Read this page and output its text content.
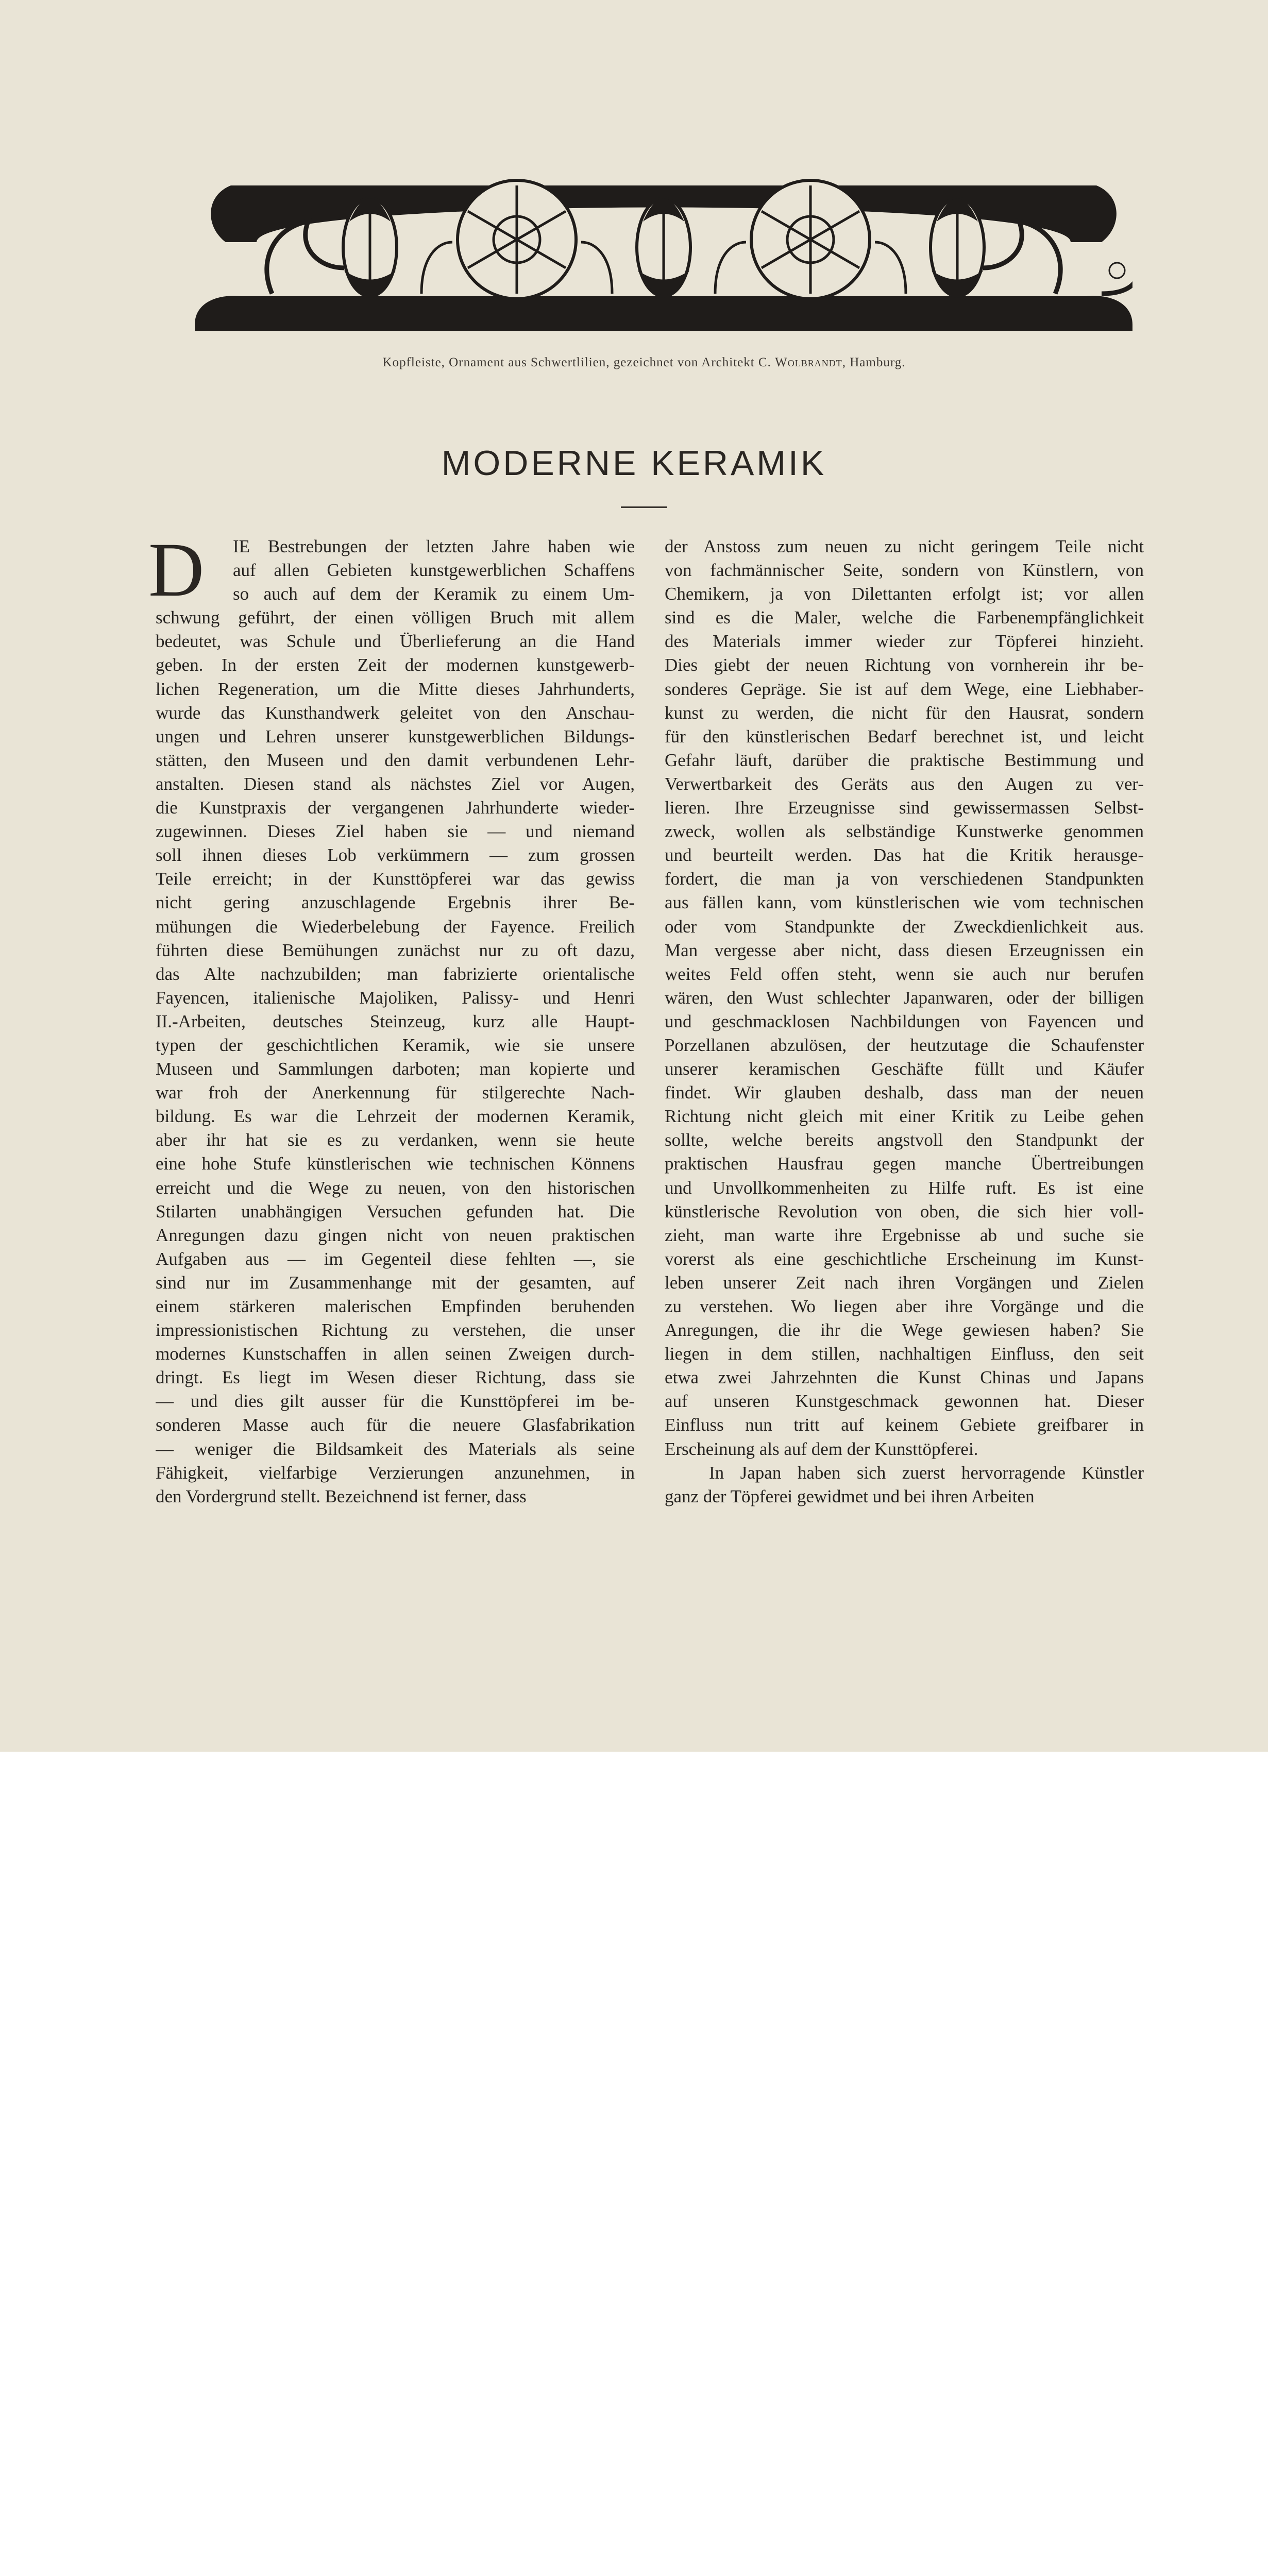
Kopfleiste, Ornament aus Schwertlilien, gezeichnet von Architekt C. Wolbrandt, Hamburg.
MODERNE KERAMIK
D	IE Bestrebungen der letzten Jahre haben wie
auf allen Gebieten kunstgewerblichen Schaffens
so auch auf dem der Keramik zu einem Um-
schwung geführt, der einen völligen Bruch mit allem
bedeutet, was Schule und Überlieferung an die Hand
geben. In der ersten Zeit der modernen kunstgewerb-
lichen Regeneration, um die Mitte dieses Jahrhunderts,
wurde das Kunsthandwerk geleitet von den Anschau-
ungen und Lehren unserer kunstgewerblichen Bildungs-
stätten, den Museen und den damit verbundenen Lehr-
anstalten. Diesen stand als nächstes Ziel vor Augen,
die Kunstpraxis der vergangenen Jahrhunderte wieder-
zugewinnen. Dieses Ziel haben sie — und niemand
soll ihnen dieses Lob verkümmern — zum grossen
Teile erreicht; in der Kunsttöpferei war das gewiss
nicht gering anzuschlagende Ergebnis ihrer Be-
mühungen die Wiederbelebung der Fayence. Freilich
führten diese Bemühungen zunächst nur zu oft dazu,
das Alte nachzubilden; man fabrizierte orientalische
Fayencen, italienische Majoliken, Palissy- und Henri
II.-Arbeiten, deutsches Steinzeug, kurz alle Haupt-
typen der geschichtlichen Keramik, wie sie unsere
Museen und Sammlungen darboten; man kopierte und
war froh der Anerkennung für stilgerechte Nach-
bildung. Es war die Lehrzeit der modernen Keramik,
aber ihr hat sie es zu verdanken, wenn sie heute
eine hohe Stufe künstlerischen wie technischen Könnens
erreicht und die Wege zu neuen, von den historischen
Stilarten unabhängigen Versuchen gefunden hat. Die
Anregungen dazu gingen nicht von neuen praktischen
Aufgaben aus — im Gegenteil diese fehlten —, sie
sind nur im Zusammenhange mit der gesamten, auf
einem stärkeren malerischen Empfinden beruhenden
impressionistischen Richtung zu verstehen, die unser
modernes Kunstschaffen in allen seinen Zweigen durch-
dringt. Es liegt im Wesen dieser Richtung, dass sie
— und dies gilt ausser für die Kunsttöpferei im be-
sonderen Masse auch für die neuere Glasfabrikation
— weniger die Bildsamkeit des Materials als seine
Fähigkeit, vielfarbige Verzierungen anzunehmen, in
den Vordergrund stellt. Bezeichnend ist ferner, dass
der Anstoss zum neuen zu nicht geringem Teile nicht
von fachmännischer Seite, sondern von Künstlern, von
Chemikern, ja von Dilettanten erfolgt ist; vor allen
sind es die Maler, welche die Farbenempfänglichkeit
des Materials immer wieder zur Töpferei hinzieht.
Dies giebt der neuen Richtung von vornherein ihr be-
sonderes Gepräge. Sie ist auf dem Wege, eine Liebhaber-
kunst zu werden, die nicht für den Hausrat, sondern
für den künstlerischen Bedarf berechnet ist, und leicht
Gefahr läuft, darüber die praktische Bestimmung und
Verwertbarkeit des Geräts aus den Augen zu ver-
lieren. Ihre Erzeugnisse sind gewissermassen Selbst-
zweck, wollen als selbständige Kunstwerke genommen
und beurteilt werden. Das hat die Kritik herausge-
fordert, die man ja von verschiedenen Standpunkten
aus fällen kann, vom künstlerischen wie vom technischen
oder vom Standpunkte der Zweckdienlichkeit aus.
Man vergesse aber nicht, dass diesen Erzeugnissen ein
weites Feld offen steht, wenn sie auch nur berufen
wären, den Wust schlechter Japanwaren, oder der billigen
und geschmacklosen Nachbildungen von Fayencen und
Porzellanen abzulösen, der heutzutage die Schaufenster
unserer keramischen Geschäfte füllt und Käufer
findet. Wir glauben deshalb, dass man der neuen
Richtung nicht gleich mit einer Kritik zu Leibe gehen
sollte, welche bereits angstvoll den Standpunkt der
praktischen Hausfrau gegen manche Übertreibungen
und Unvollkommenheiten zu Hilfe ruft. Es ist eine
künstlerische Revolution von oben, die sich hier voll-
zieht, man warte ihre Ergebnisse ab und suche sie
vorerst als eine geschichtliche Erscheinung im Kunst-
leben unserer Zeit nach ihren Vorgängen und Zielen
zu verstehen. Wo liegen aber ihre Vorgänge und die
Anregungen, die ihr die Wege gewiesen haben? Sie
liegen in dem stillen, nachhaltigen Einfluss, den seit
etwa zwei Jahrzehnten die Kunst Chinas und Japans
auf unseren Kunstgeschmack gewonnen hat. Dieser
Einfluss nun tritt auf keinem Gebiete greifbarer in
Erscheinung als auf dem der Kunsttöpferei.
In Japan haben sich zuerst hervorragende Künstler
ganz der Töpferei gewidmet und bei ihren Arbeiten
